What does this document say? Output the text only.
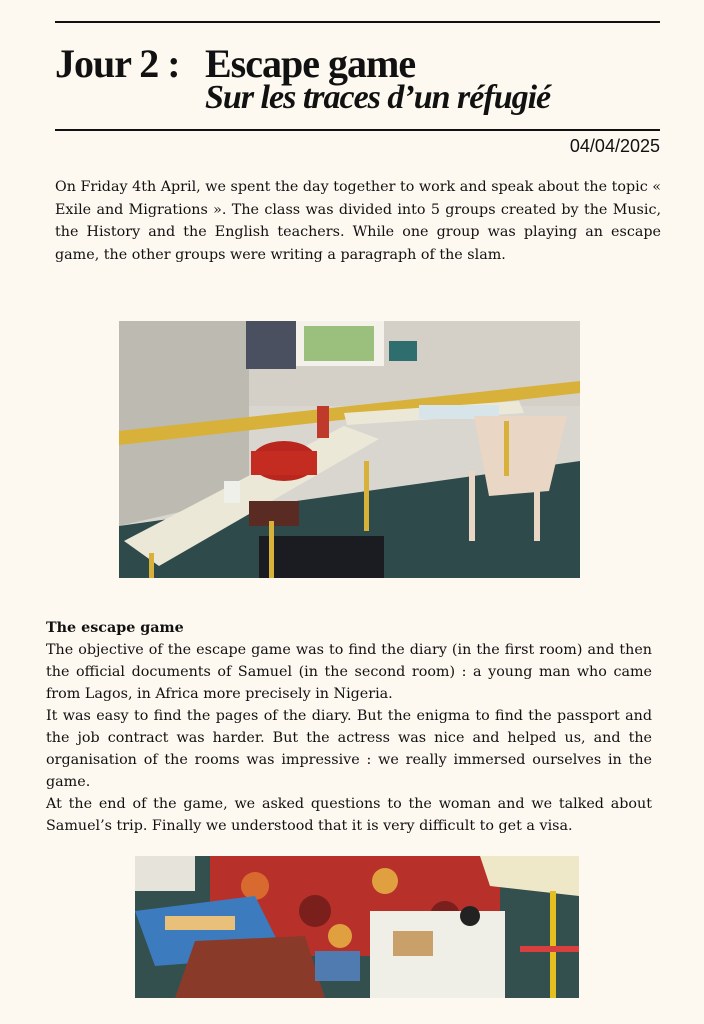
Jour 2 : Escape game
Sur les traces d’un réfugié
04/04/2025
On Friday 4th April, we spent the day together to work and speak about the topic « Exile and Migrations ». The class was divided into 5 groups created by the Music, the History and the English teachers. While one group was playing an escape game, the other groups were writing a paragraph of the slam.
The escape game

The objective of the escape game was to find the diary (in the first room) and then the official documents of Samuel (in the second room) : a young man who came from Lagos, in Africa more precisely in Nigeria.

It was easy to find the pages of the diary. But the enigma to find the passport and the job contract was harder. But the actress was nice and helped us, and the organisation of the rooms was impressive : we really immersed ourselves in the game.

At the end of the game, we asked questions to the woman and we talked about Samuel’s trip. Finally we understood that it is very difficult to get a visa.
